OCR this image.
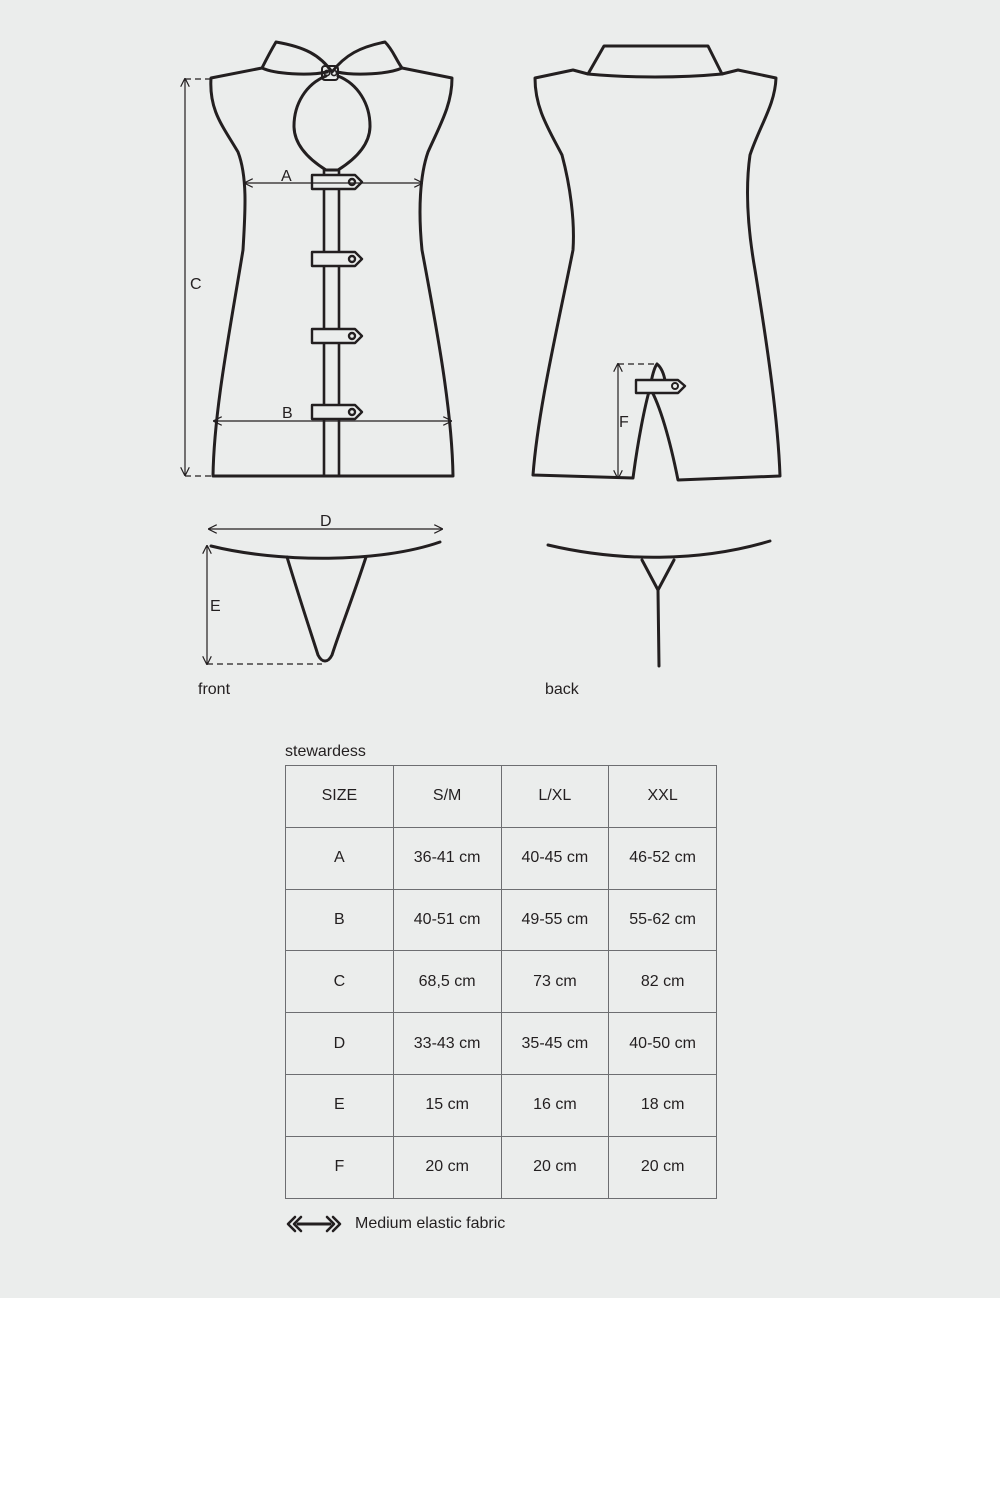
A
B
C
F
D
E
front	back
stewardess
SIZE	S/M	L/XL	XXL
A	36-41 cm	40-45 cm	46-52 cm
B	40-51 cm	49-55 cm	55-62 cm
C	68,5 cm	73 cm	82 cm
D	33-43 cm	35-45 cm	40-50 cm
E	15 cm	16 cm	18 cm
F	20 cm	20 cm	20 cm
Medium elastic fabric
